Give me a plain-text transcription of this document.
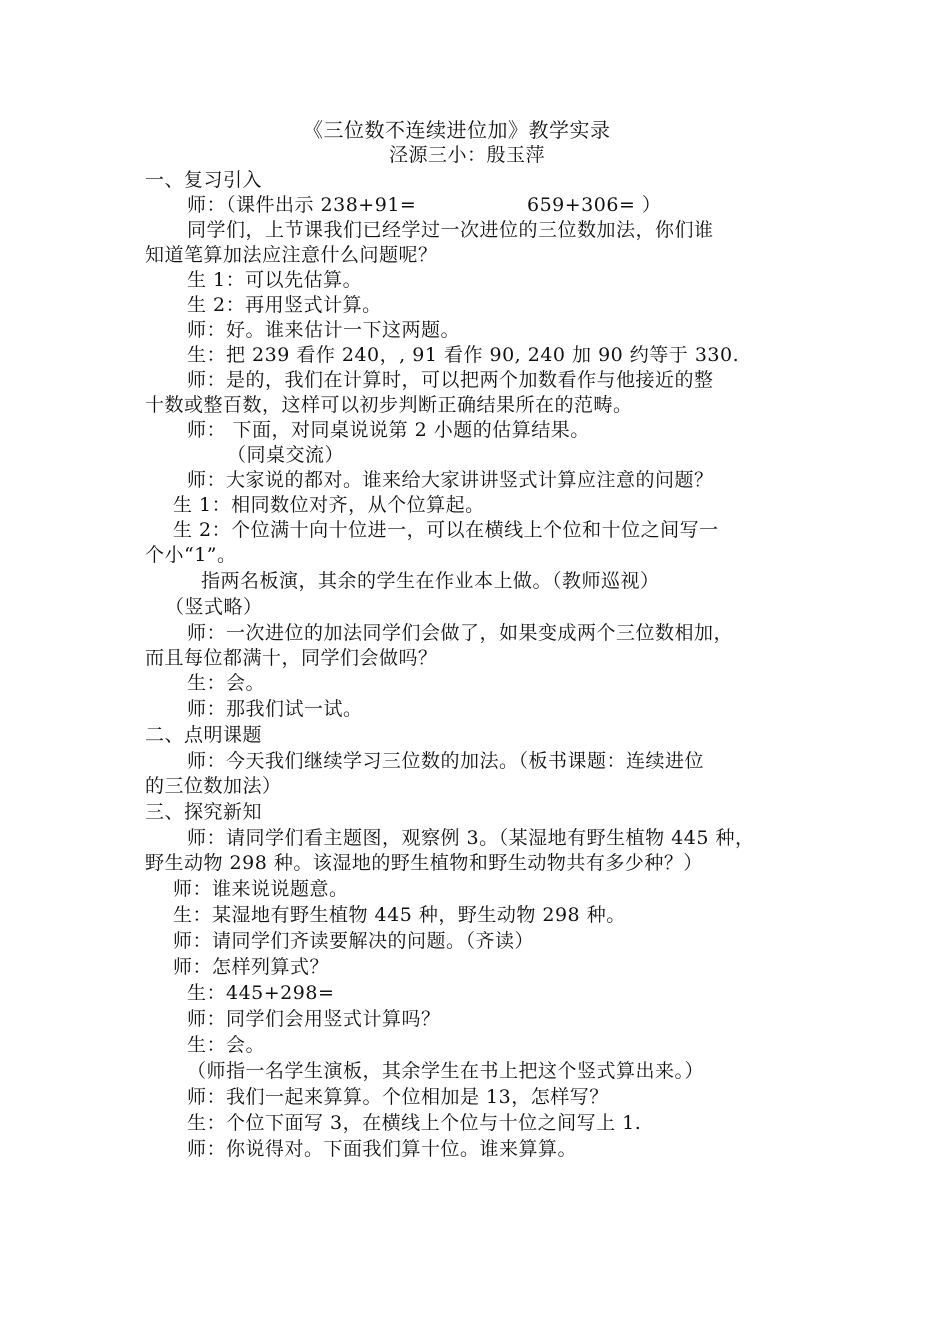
《三位数不连续进位加》教学实录
泾源三小：殷玉萍
一、复习引入
师：（课件出示 238+91=	659+306= ）
同学们，上节课我们已经学过一次进位的三位数加法，你们谁
知道笔算加法应注意什么问题呢？
生 1：可以先估算。
生 2：再用竖式计算。
师：好。谁来估计一下这两题。
生：把 239 看作 240，, 91 看作 90, 240 加 90 约等于 330.
师：是的，我们在计算时，可以把两个加数看作与他接近的整
十数或整百数，这样可以初步判断正确结果所在的范畴。
师： 下面，对同桌说说第 2 小题的估算结果。
（同桌交流）
师：大家说的都对。谁来给大家讲讲竖式计算应注意的问题？
生 1：相同数位对齐，从个位算起。
生 2：个位满十向十位进一，可以在横线上个位和十位之间写一
个小“1”。
指两名板演，其余的学生在作业本上做。（教师巡视）
（竖式略）
师：一次进位的加法同学们会做了，如果变成两个三位数相加，
而且每位都满十，同学们会做吗？
生：会。
师：那我们试一试。
二、点明课题
师：今天我们继续学习三位数的加法。（板书课题：连续进位
的三位数加法）
三、探究新知
师：请同学们看主题图，观察例 3。（某湿地有野生植物 445 种，
野生动物 298 种。该湿地的野生植物和野生动物共有多少种？）
师：谁来说说题意。
生：某湿地有野生植物 445 种，野生动物 298 种。
师：请同学们齐读要解决的问题。（齐读）
师：怎样列算式？
生：445+298=
师：同学们会用竖式计算吗？
生：会。
（师指一名学生演板，其余学生在书上把这个竖式算出来。）
师：我们一起来算算。个位相加是 13，怎样写？
生：个位下面写 3，在横线上个位与十位之间写上 1.
师：你说得对。下面我们算十位。谁来算算。
